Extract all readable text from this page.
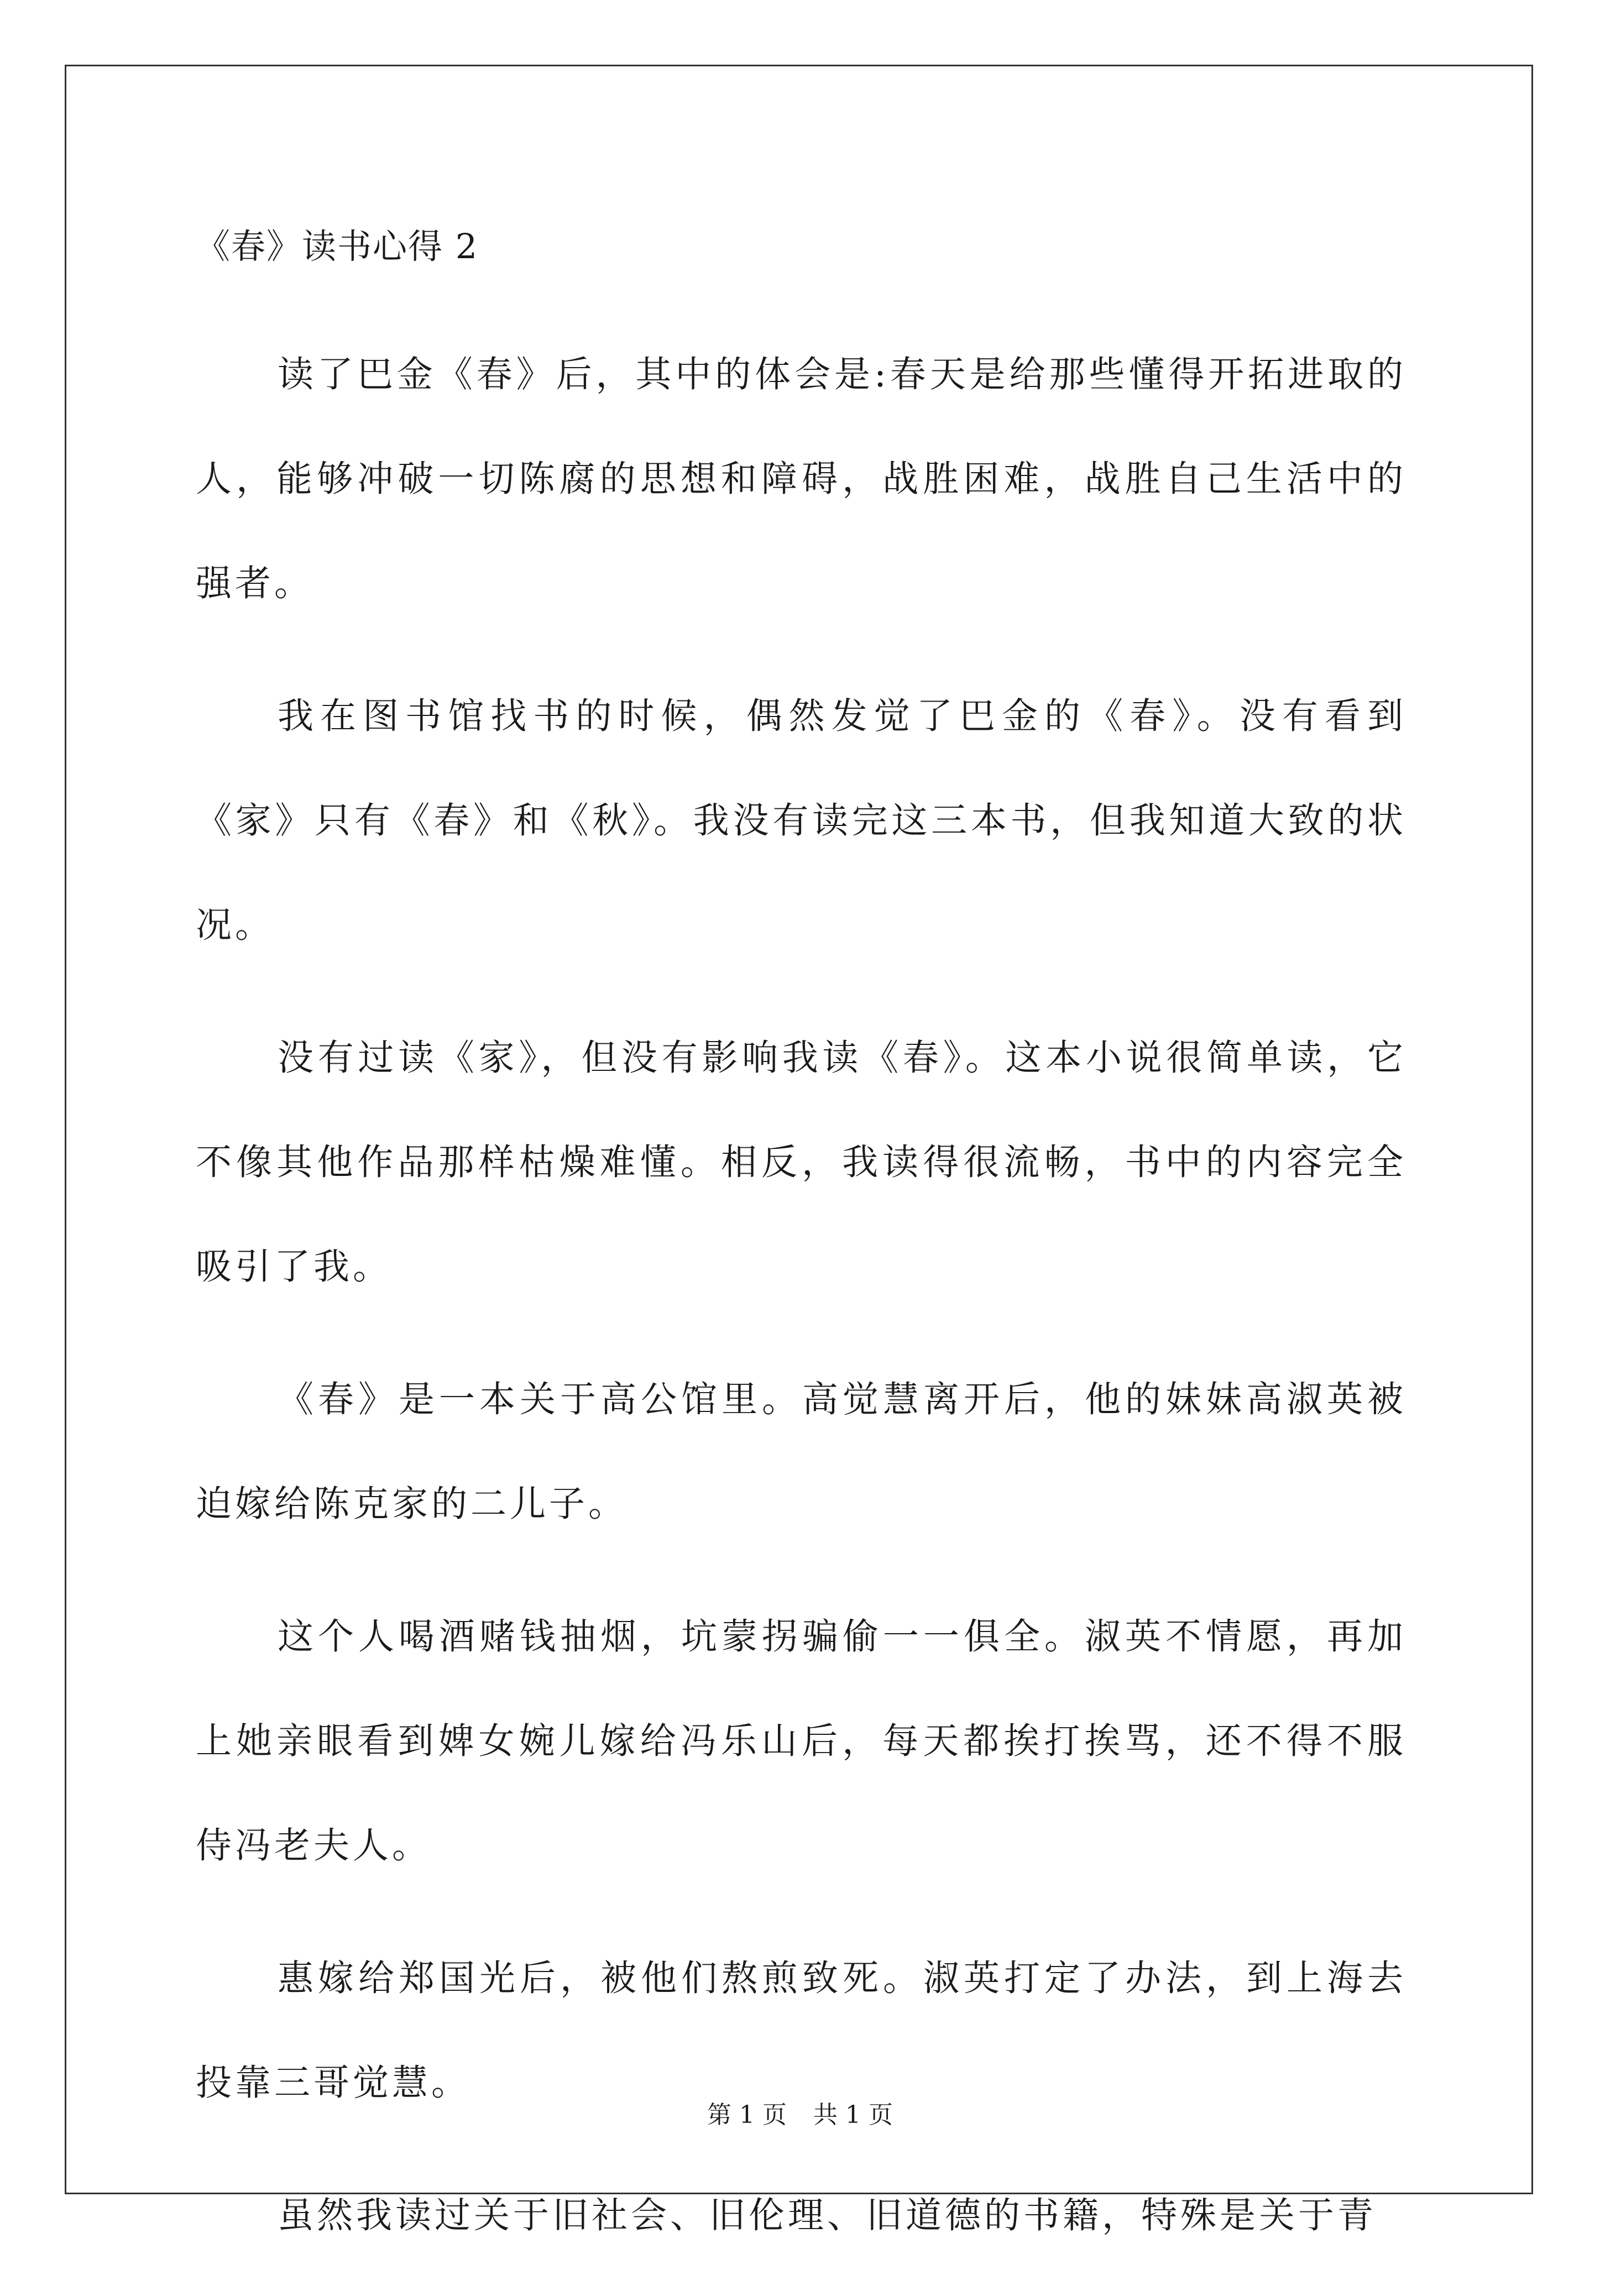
《春》读书心得 2

读了巴金《春》后，其中的体会是:春天是给那些懂得开拓进取的人，能够冲破一切陈腐的思想和障碍，战胜困难，战胜自己生活中的强者。

我在图书馆找书的时候，偶然发觉了巴金的《春》。没有看到《家》只有《春》和《秋》。我没有读完这三本书，但我知道大致的状况。

没有过读《家》，但没有影响我读《春》。这本小说很简单读，它不像其他作品那样枯燥难懂。相反，我读得很流畅，书中的内容完全吸引了我。

《春》是一本关于高公馆里。高觉慧离开后，他的妹妹高淑英被迫嫁给陈克家的二儿子。

这个人喝酒赌钱抽烟，坑蒙拐骗偷一一俱全。淑英不情愿，再加上她亲眼看到婢女婉儿嫁给冯乐山后，每天都挨打挨骂，还不得不服侍冯老夫人。

惠嫁给郑国光后，被他们熬煎致死。淑英打定了办法，到上海去投靠三哥觉慧。

虽然我读过关于旧社会、旧伦理、旧道德的书籍，特殊是关于青

第 1 页 共 1 页
